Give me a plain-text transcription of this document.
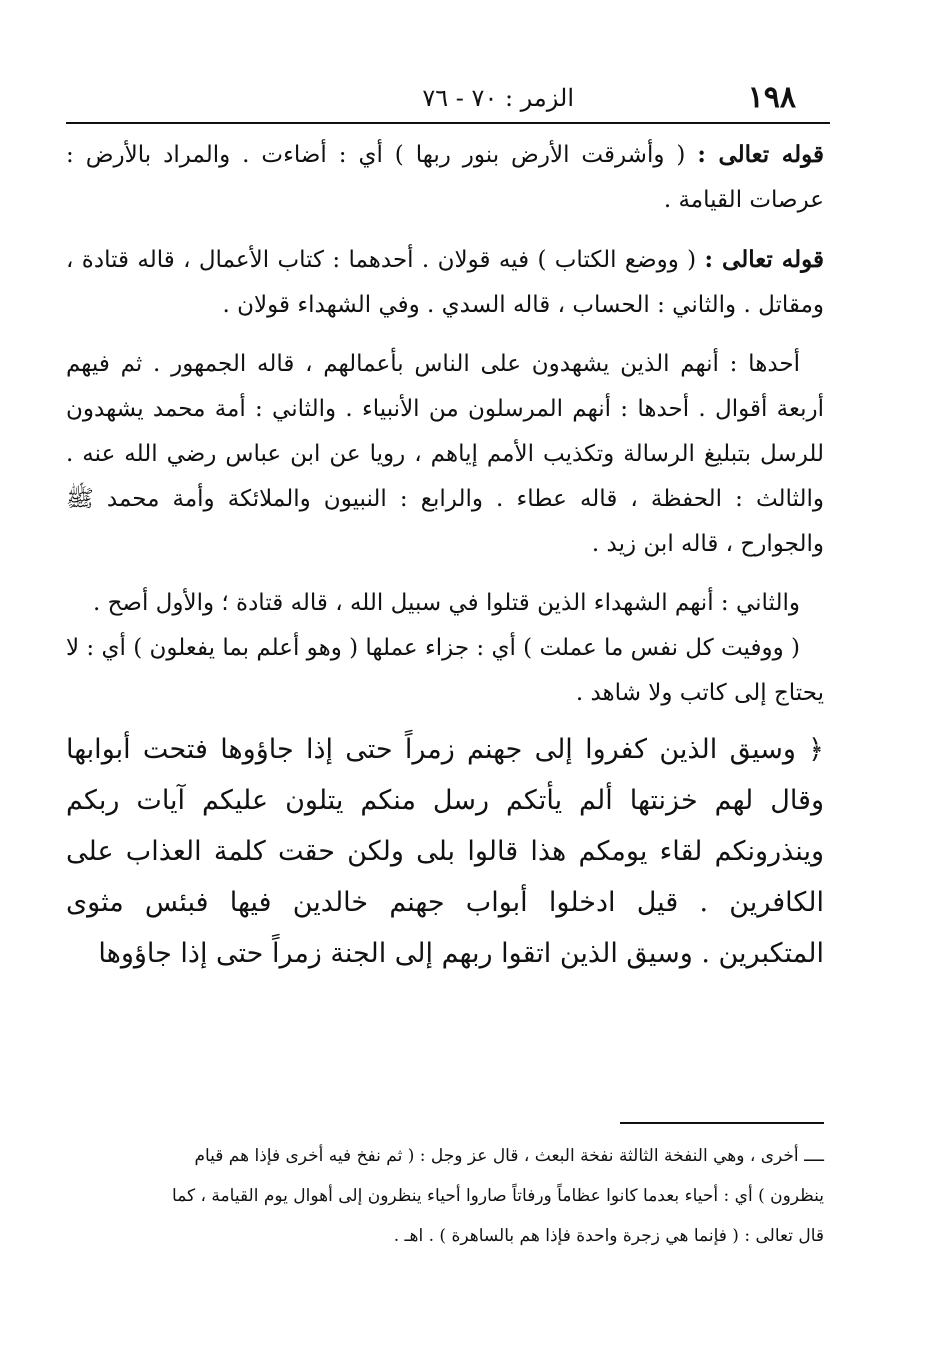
١٩٨
الزمر : ٧٠ - ٧٦

قوله تعالى : ( وأشرقت الأرض بنور ربها ) أي : أضاءت . والمراد بالأرض : عرصات القيامة .

قوله تعالى : ( ووضع الكتاب ) فيه قولان . أحدهما : كتاب الأعمال ، قاله قتادة ، ومقاتل . والثاني : الحساب ، قاله السدي . وفي الشهداء قولان .

أحدها : أنهم الذين يشهدون على الناس بأعمالهم ، قاله الجمهور . ثم فيهم أربعة أقوال . أحدها : أنهم المرسلون من الأنبياء . والثاني : أمة محمد يشهدون للرسل بتبليغ الرسالة وتكذيب الأمم إياهم ، رويا عن ابن عباس رضي الله عنه . والثالث : الحفظة ، قاله عطاء . والرابع : النبيون والملائكة وأمة محمد ﷺ والجوارح ، قاله ابن زيد .

والثاني : أنهم الشهداء الذين قتلوا في سبيل الله ، قاله قتادة ؛ والأول أصح .

( ووفيت كل نفس ما عملت ) أي : جزاء عملها ( وهو أعلم بما يفعلون ) أي : لا يحتاج إلى كاتب ولا شاهد .

﴿ وسيق الذين كفروا إلى جهنم زمراً حتى إذا جاؤوها فتحت أبوابها وقال لهم خزنتها ألم يأتكم رسل منكم يتلون عليكم آيات ربكم وينذرونكم لقاء يومكم هذا قالوا بلى ولكن حقت كلمة العذاب على الكافرين . قيل ادخلوا أبواب جهنم خالدين فيها فبئس مثوى المتكبرين . وسيق الذين اتقوا ربهم إلى الجنة زمراً حتى إذا جاؤوها

ــــ أخرى ، وهي النفخة الثالثة نفخة البعث ، قال عز وجل : ( ثم نفخ فيه أخرى فإذا هم قيام

ينظرون ) أي : أحياء بعدما كانوا عظاماً ورفاتاً صاروا أحياء ينظرون إلى أهوال يوم القيامة ، كما

قال تعالى : ( فإنما هي زجرة واحدة فإذا هم بالساهرة ) . اهـ .
